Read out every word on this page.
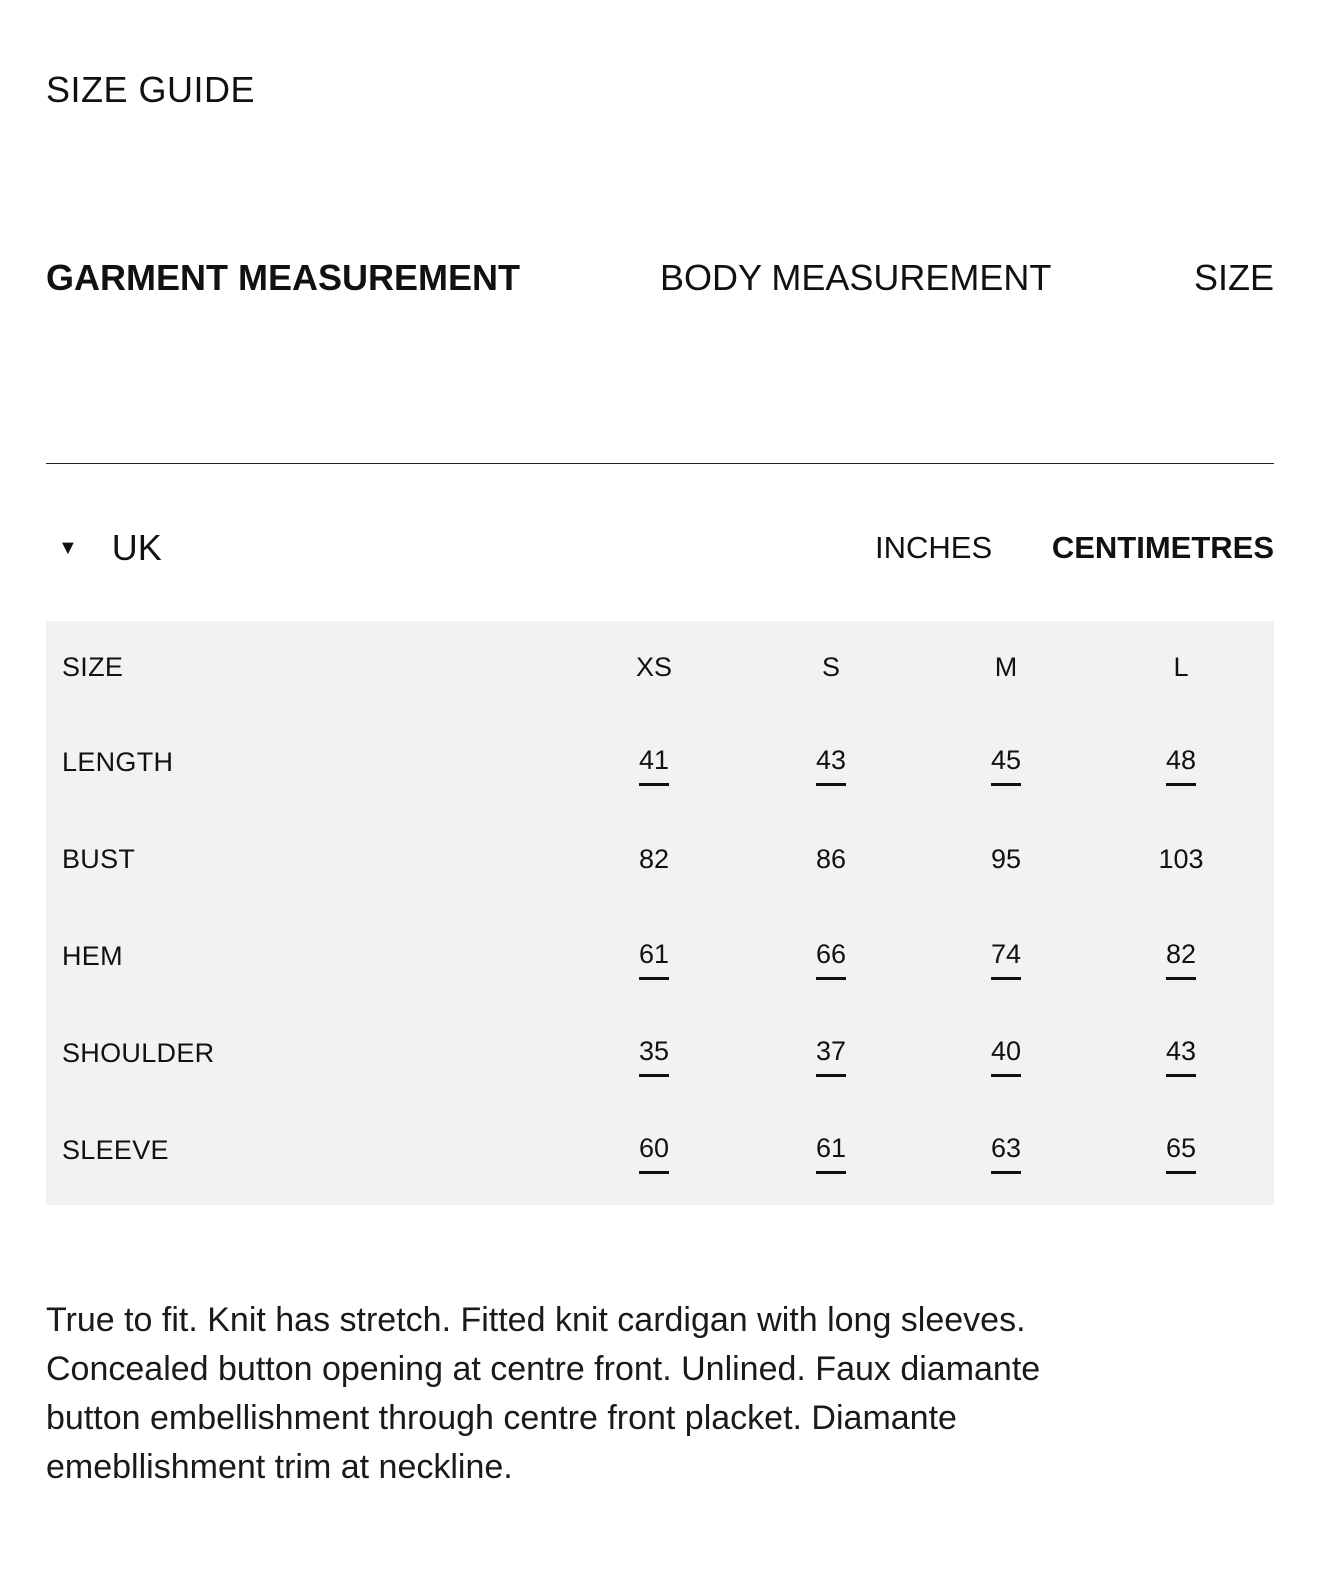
SIZE GUIDE
GARMENT MEASUREMENT	BODY MEASUREMENT	SIZE
▼ UK	INCHES CENTIMETRES
SIZE	XS	S	M	L
LENGTH	41	43	45	48
BUST	82	86	95	103
HEM	61	66	74	82
SHOULDER	35	37	40	43
SLEEVE	60	61	63	65

True to fit. Knit has stretch. Fitted knit cardigan with long sleeves. Concealed button opening at centre front. Unlined. Faux diamante button embellishment through centre front placket. Diamante emebllishment trim at neckline.
